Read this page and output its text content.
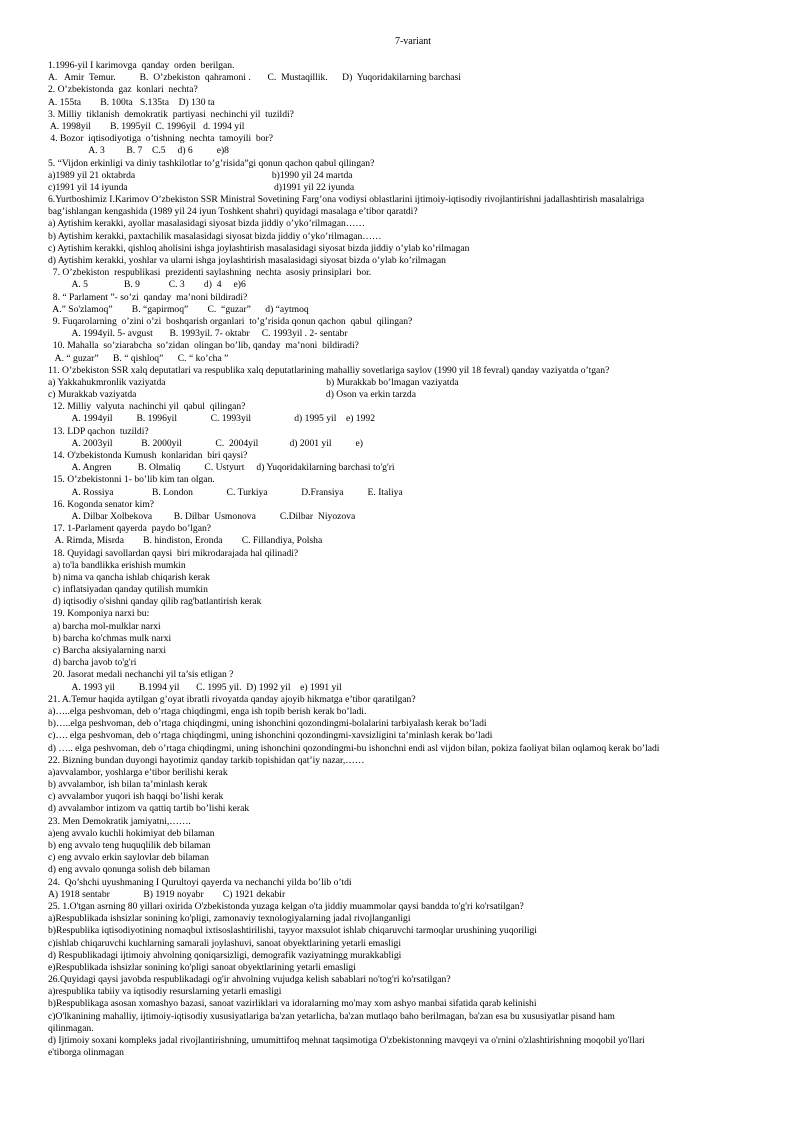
7-variant
1.1996-yil I karimovga  qanday  orden  berilgan.
A.   Amir  Temur.          B.  O’zbekiston  qahramoni .       C.  Mustaqillik.      D)  Yuqoridakilarning barchasi
2. O’zbekistonda  gaz  konlari  nechta?
A. 155ta        B. 100ta   S.135ta    D) 130 ta
3. Milliy  tiklanish  demokratik  partiyasi  nechinchi yil  tuzildi?
A. 1998yil        B. 1995yil  C. 1996yil   d. 1994 yil
4. Bozor  iqtisodiyotiga  o’tishning  nechta  tamoyili  bor?
A. 3         B. 7    C.5     d) 6          e)8
5. “Vijdon erkinligi va diniy tashkilotlar to’g’risida”gi qonun qachon qabul qilingan?
a)1989 yil 21 oktabrda                                                         b)1990 yil 24 martda
c)1991 yil 14 iyunda                                                             d)1991 yil 22 iyunda
6.Yurtboshimiz I.Karimov O’zbekiston SSR Ministral Sovetining Farg’ona vodiysi oblastlarini ijtimoiy-iqtisodiy rivojlantirishni jadallashtirish masalalriga
bag’ishlangan kengashida (1989 yil 24 iyun Toshkent shahri) quyidagi masalaga e’tibor qaratdi?
a) Aytishim kerakki, ayollar masalasidagi siyosat bizda jiddiy o’yko’rilmagan……
b) Aytishim kerakki, paxtachilik masalasidagi siyosat bizda jiddiy o’yko’rilmagan……
c) Aytishim kerakki, qishloq aholisini ishga joylashtirish masalasidagi siyosat bizda jiddiy o’ylab ko’rilmagan
d) Aytishim kerakki, yoshlar va ularni ishga joylashtirish masalasidagi siyosat bizda o’ylab ko’rilmagan
7. O’zbekiston  respublikasi  prezidenti saylashning  nechta  asosiy prinsiplari  bor.
A. 5               B. 9            C. 3        d)  4     e)6
8. “ Parlament ”- so’zi  qanday  ma’noni bildiradi?
A.” So'zlamoq”        B. “gapirmoq”        C.  “guzar”      d) “aytmoq
9. Fuqarolarning  o’zini o’zi  boshqarish organlari  to’g’risida qonun qachon  qabul  qilingan?
A. 1994yil. 5- avgust       B. 1993yil. 7- oktabr     C. 1993yil . 2- sentabr
10. Mahalla  so’ziarabcha  so’zidan  olingan bo’lib, qanday  ma’noni  bildiradi?
A. “ guzar”      B. “ qishloq”      C. “ ko’cha ”
11. O’zbekiston SSR xalq deputatlari va respublika xalq deputatlarining mahalliy sovetlariga saylov (1990 yil 18 fevral) qanday vaziyatda o’tgan?
a) Yakkahukmronlik vaziyatda                                                                   b) Murakkab bo’lmagan vaziyatda
c) Murakkab vaziyatda                                                                               d) Oson va erkin tarzda
12. Milliy  valyuta  nachinchi yil  qabul  qilingan?
A. 1994yil          B. 1996yil              C. 1993yil                  d) 1995 yil    e) 1992
13. LDP qachon  tuzildi?
A. 2003yil            B. 2000yil              C.  2004yil             d) 2001 yil          e)
14. O'zbekistonda Kumush  konlaridan  biri qaysi?
A. Angren           B. Olmaliq          C. Ustyurt     d) Yuqoridakilarning barchasi to'g'ri
15. O’zbekistonni 1- bo’lib kim tan olgan.
A. Rossiya                B. London              C. Turkiya              D.Fransiya          E. Italiya
16. Kogonda senator kim?
A. Dilbar Xolbekova         B. Dilbar  Usmonova          C.Dilbar  Niyozova
17. 1-Parlament qayerda  paydo bo’lgan?
A. Rimda, Misrda        B. hindiston, Eronda        C. Fillandiya, Polsha
18. Quyidagi savollardan qaysi  biri mikrodarajada hal qilinadi?
a) to'la bandlikka erishish mumkin
b) nima va qancha ishlab chiqarish kerak
c) inflatsiyadan qanday qutilish mumkin
d) iqtisodiy o'sishni qanday qilib rag'batlantirish kerak
19. Komponiya narxi bu:
a) barcha mol-mulklar narxi
b) barcha ko'chmas mulk narxi
c) Barcha aksiyalarning narxi
d) barcha javob to'g'ri
20. Jasorat medali nechanchi yil ta’sis etligan ?
A. 1993 yil          B.1994 yil       C. 1995 yil.  D) 1992 yil    e) 1991 yil
21. A.Temur haqida aytilgan g’oyat ibratli rivoyatda qanday ajoyib hikmatga e’tibor qaratilgan?
a)…..elga peshvoman, deb o’rtaga chiqdingmi, enga ish topib berish kerak bo’ladi.
b)…..elga peshvoman, deb o’rtaga chiqdingmi, uning ishonchini qozondingmi-bolalarini tarbiyalash kerak bo’ladi
c)…. elga peshvoman, deb o’rtaga chiqdingmi, uning ishonchini qozondingmi-xavsizligini ta’minlash kerak bo’ladi
d) ….. elga peshvoman, deb o’rtaga chiqdingmi, uning ishonchini qozondingmi-bu ishonchni endi asl vijdon bilan, pokiza faoliyat bilan oqlamoq kerak bo’ladi
22. Bizning bundan duyongi hayotimiz qanday tarkib topishidan qat’iy nazar,……
a)avvalambor, yoshlarga e’tibor berilishi kerak
b) avvalambor, ish bilan ta’minlash kerak
c) avvalambor yuqori ish haqqi bo’lishi kerak
d) avvalambor intizom va qattiq tartib bo’lishi kerak
23. Men Demokratik jamiyatni,…….
a)eng avvalo kuchli hokimiyat deb bilaman
b) eng avvalo teng huquqlilik deb bilaman
c) eng avvalo erkin saylovlar deb bilaman
d) eng avvalo qonunga solish deb bilaman
24.  Qo’shchi uyushmaning I Qurultoyi qayerda va nechanchi yilda bo’lib o’tdi
A) 1918 sentabr              B) 1919 noyabr        C) 1921 dekabir
25. 1.O'tgan asrning 80 yillari oxirida O'zbekistonda yuzaga kelgan o'ta jiddiy muammolar qaysi bandda to'g'ri ko'rsatilgan?
a)Respublikada ishsizlar sonining ko'pligi, zamonaviy texnologiyalarning jadal rivojlanganligi
b)Respublika iqtisodiyotining nomaqbul ixtisoslashtirilishi, tayyor maxsulot ishlab chiqaruvchi tarmoqlar urushining yuqoriligi
c)ishlab chiqaruvchi kuchlarning samarali joylashuvi, sanoat obyektlarining yetarli emasligi
d) Respublikadagi ijtimoiy ahvolning qoniqarsizligi, demografik vaziyatningg murakkabligi
e)Respublikada ishsizlar sonining ko'pligi sanoat obyektlarining yetarli emasligi
26.Quyidagi qaysi javobda respublikadagi og'ir ahvolning vujudga kelish sabablari no'tog'ri ko'rsatilgan?
a)respublika tabiiy va iqtisodiy resurslarning yetarli emasligi
b)Respublikaga asosan xomashyo bazasi, sanoat vazirliklari va idoralarning mo'may xom ashyo manbai sifatida qarab kelinishi
c)O'lkanining mahalliy, ijtimoiy-iqtisodiy xususiyatlariga ba'zan yetarlicha, ba'zan mutlaqo baho berilmagan, ba'zan esa bu xususiyatlar pisand ham
qilinmagan.
d) Ijtimoiy soxani kompleks jadal rivojlantirishning, umumittifoq mehnat taqsimotiga O'zbekistonning mavqeyi va o'rnini o'zlashtirishning moqobil yo'llari
e'tiborga olinmagan
